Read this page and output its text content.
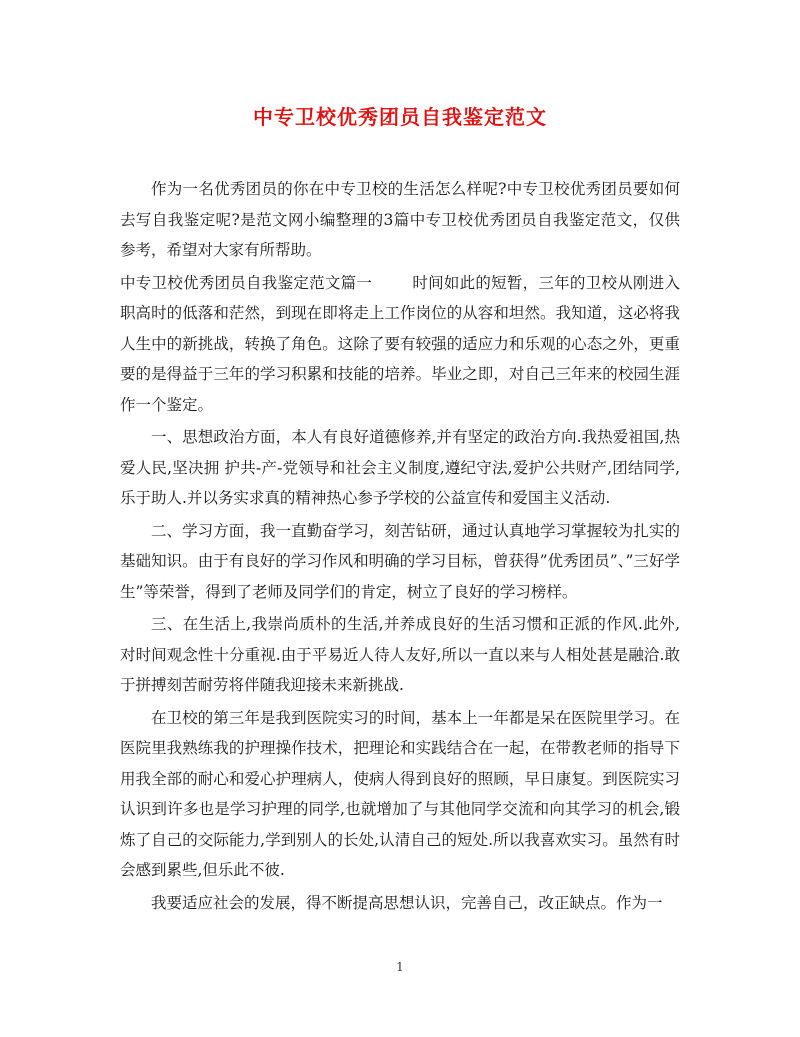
中专卫校优秀团员自我鉴定范文

作为一名优秀团员的你在中专卫校的生活怎么样呢?中专卫校优秀团员要如何去写自我鉴定呢?是范文网小编整理的3篇中专卫校优秀团员自我鉴定范文，仅供参考，希望对大家有所帮助。

中专卫校优秀团员自我鉴定范文篇一	时间如此的短暂，三年的卫校从刚进入职高时的低落和茫然，到现在即将走上工作岗位的从容和坦然。我知道，这必将我人生中的新挑战，转换了角色。这除了要有较强的适应力和乐观的心态之外，更重要的是得益于三年的学习积累和技能的培养。毕业之即，对自己三年来的校园生涯作一个鉴定。

一、思想政治方面，本人有良好道德修养,并有坚定的政治方向.我热爱祖国,热爱人民,坚决拥 护共-产-党领导和社会主义制度,遵纪守法,爱护公共财产,团结同学,乐于助人.并以务实求真的精神热心参予学校的公益宣传和爱国主义活动.

二、学习方面，我一直勤奋学习，刻苦钻研，通过认真地学习掌握较为扎实的基础知识。由于有良好的学习作风和明确的学习目标，曾获得”优秀团员”、”三好学生”等荣誉，得到了老师及同学们的肯定，树立了良好的学习榜样。

三、在生活上,我崇尚质朴的生活,并养成良好的生活习惯和正派的作风.此外,对时间观念性十分重视.由于平易近人待人友好,所以一直以来与人相处甚是融洽.敢于拼搏刻苦耐劳将伴随我迎接未来新挑战.

在卫校的第三年是我到医院实习的时间，基本上一年都是呆在医院里学习。在医院里我熟练我的护理操作技术，把理论和实践结合在一起，在带教老师的指导下用我全部的耐心和爱心护理病人，使病人得到良好的照顾，早日康复。到医院实习认识到许多也是学习护理的同学,也就增加了与其他同学交流和向其学习的机会,锻炼了自己的交际能力,学到别人的长处,认清自己的短处.所以我喜欢实习。虽然有时会感到累些,但乐此不彼.

我要适应社会的发展，得不断提高思想认识，完善自己，改正缺点。作为一

1
